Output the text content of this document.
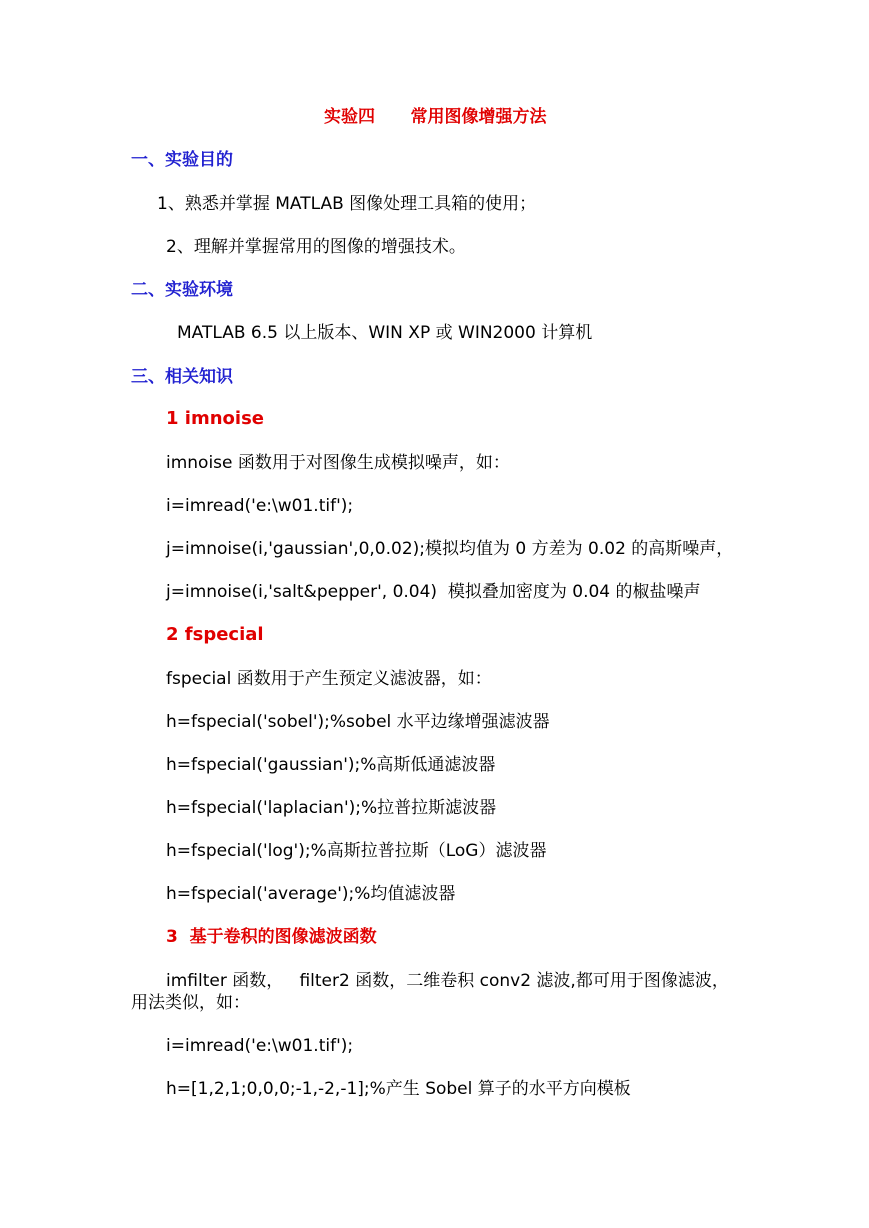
实验四      常用图像增强方法
一、实验目的
1、熟悉并掌握 MATLAB 图像处理工具箱的使用；
2、理解并掌握常用的图像的增强技术。
二、实验环境
MATLAB 6.5 以上版本、WIN XP 或 WIN2000 计算机
三、相关知识
1 imnoise
imnoise 函数用于对图像生成模拟噪声，如：
i=imread('e:\w01.tif');
j=imnoise(i,'gaussian',0,0.02);模拟均值为 0 方差为 0.02 的高斯噪声，
j=imnoise(i,'salt&pepper', 0.04)  模拟叠加密度为 0.04 的椒盐噪声
2 fspecial
fspecial 函数用于产生预定义滤波器，如：
h=fspecial('sobel');%sobel 水平边缘增强滤波器
h=fspecial('gaussian');%高斯低通滤波器
h=fspecial('laplacian');%拉普拉斯滤波器
h=fspecial('log');%高斯拉普拉斯（LoG）滤波器
h=fspecial('average');%均值滤波器
3  基于卷积的图像滤波函数
imfilter 函数，   filter2 函数，二维卷积 conv2 滤波,都可用于图像滤波，
用法类似，如：
i=imread('e:\w01.tif');
h=[1,2,1;0,0,0;-1,-2,-1];%产生 Sobel 算子的水平方向模板
